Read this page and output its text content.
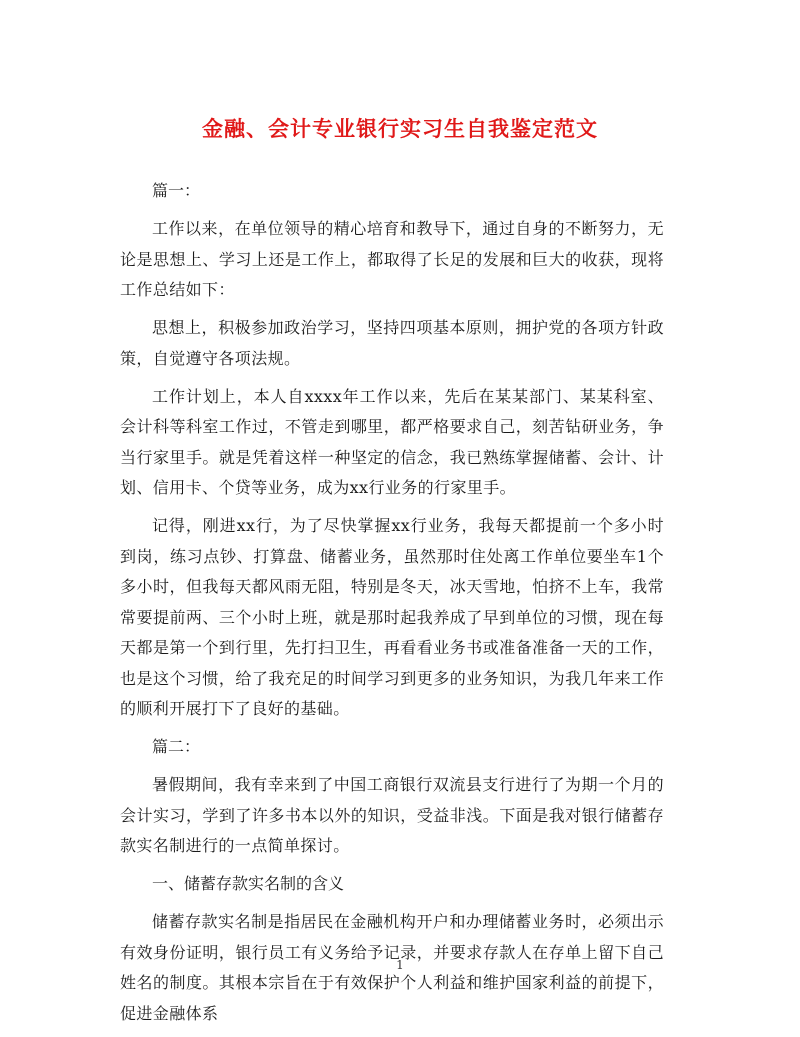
金融、会计专业银行实习生自我鉴定范文

篇一：

工作以来，在单位领导的精心培育和教导下，通过自身的不断努力，无论是思想上、学习上还是工作上，都取得了长足的发展和巨大的收获，现将工作总结如下：

思想上，积极参加政治学习，坚持四项基本原则，拥护党的各项方针政策，自觉遵守各项法规。

工作计划上，本人自xxxx年工作以来，先后在某某部门、某某科室、会计科等科室工作过，不管走到哪里，都严格要求自己，刻苦钻研业务，争当行家里手。就是凭着这样一种坚定的信念，我已熟练掌握储蓄、会计、计划、信用卡、个贷等业务，成为xx行业务的行家里手。

记得，刚进xx行，为了尽快掌握xx行业务，我每天都提前一个多小时到岗，练习点钞、打算盘、储蓄业务，虽然那时住处离工作单位要坐车1个多小时，但我每天都风雨无阻，特别是冬天，冰天雪地，怕挤不上车，我常常要提前两、三个小时上班，就是那时起我养成了早到单位的习惯，现在每天都是第一个到行里，先打扫卫生，再看看业务书或准备准备一天的工作，也是这个习惯，给了我充足的时间学习到更多的业务知识，为我几年来工作的顺利开展打下了良好的基础。

篇二：

暑假期间，我有幸来到了中国工商银行双流县支行进行了为期一个月的会计实习，学到了许多书本以外的知识，受益非浅。下面是我对银行储蓄存款实名制进行的一点简单探讨。

一、储蓄存款实名制的含义

储蓄存款实名制是指居民在金融机构开户和办理储蓄业务时，必须出示有效身份证明，银行员工有义务给予记录，并要求存款人在存单上留下自己姓名的制度。其根本宗旨在于有效保护个人利益和维护国家利益的前提下，促进金融体系

1
